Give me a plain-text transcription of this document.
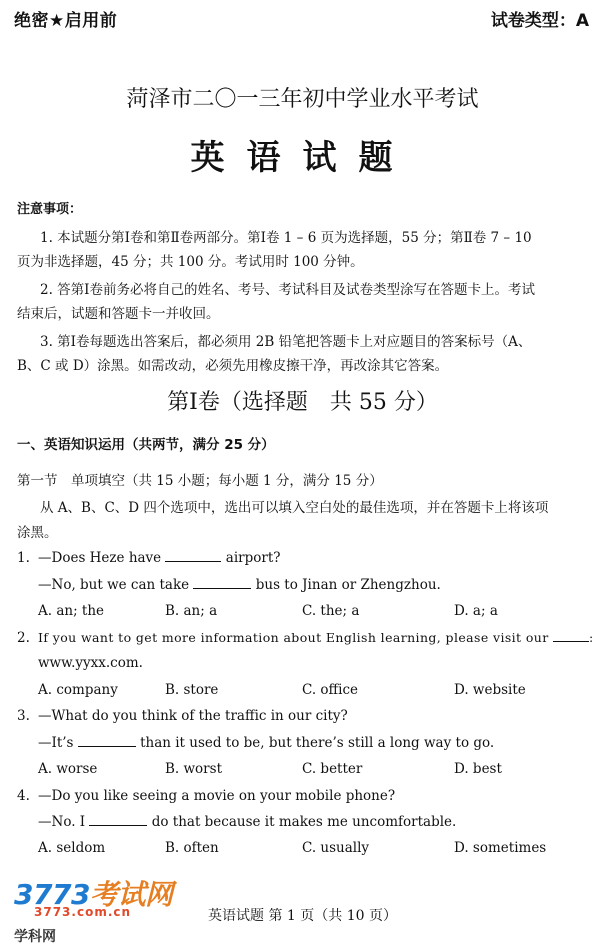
绝密★启用前	试卷类型：A
菏泽市二〇一三年初中学业水平考试
英语试题
注意事项：
1. 本试题分第Ⅰ卷和第Ⅱ卷两部分。第Ⅰ卷 1 – 6 页为选择题，55 分；第Ⅱ卷 7 – 10
页为非选择题，45 分；共 100 分。考试用时 100 分钟。
2. 答第Ⅰ卷前务必将自己的姓名、考号、考试科目及试卷类型涂写在答题卡上。考试
结束后，试题和答题卡一并收回。
3. 第Ⅰ卷每题选出答案后，都必须用 2B 铅笔把答题卡上对应题目的答案标号（A、
B、C 或 D）涂黑。如需改动，必须先用橡皮擦干净，再改涂其它答案。
第Ⅰ卷（选择题　共 55 分）
一、英语知识运用（共两节，满分 25 分）
第一节　单项填空（共 15 小题；每小题 1 分，满分 15 分）
从 A、B、C、D 四个选项中，选出可以填入空白处的最佳选项，并在答题卡上将该项
涂黑。
1. —Does Heze have	airport?
—No, but we can take	bus to Jinan or Zhengzhou.
A. an; the	B. an; a	C. the; a	D. a; a
2. If you want to get more information about English learning, please visit our	:
www.yyxx.com.
A. company	B. store	C. office	D. website
3. —What do you think of the traffic in our city?
—It’s	than it used to be, but there’s still a long way to go.
A. worse	B. worst	C. better	D. best
4. —Do you like seeing a movie on your mobile phone?
—No. I	do that because it makes me uncomfortable.
A. seldom	B. often	C. usually	D. sometimes
3773考试网
3773.com.cn
学科网
英语试题 第 1 页（共 10 页）
